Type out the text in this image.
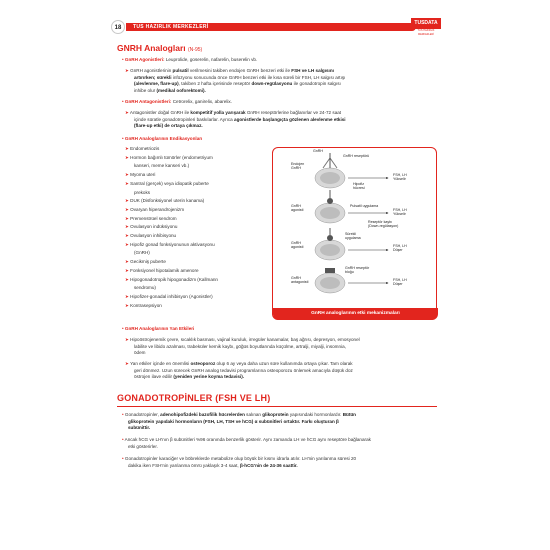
18	TUS HAZIRLIK MERKEZLERİ
TUSDATA
TUS HAZIRLIK MERKEZLERİ
GNRH Analogları (N-95)
• GnRH Agonistleri: Leuprolide, goserelin, nafarelin, buserelin vb.
➤ GnRH agonistlerinin pulsatil verilmesini takiben endojen GnRH benzeri etki ile FSH ve LH salgısını
artırırken; sürekli infüzyonu sonucunda önce GnRH benzeri etki ile kısa süreli bir FSH, LH salgısı artışı
(alevlenme, flare-up), takiben 2 hafta içerisinde reseptör down-regülasyonu ile gonadotropin salgısı
inhibe olur (medikal ooforektomi).
• GnRH Antagonistleri: Cetrorelix, ganirelix, abarelix.
➤ Antagonistler doğal GnRH ile kompetitif yolla yarışarak GnRH reseptörlerine bağlanırlar ve 24-72 saat
içinde süratle gonadotropinleri baskılarlar. Ayrıca agonistlerde başlangıçta gözlenen alevlenme etkisi
(flare-up etki) de ortaya çıkmaz.
• GnRH Analoglarının Endikasyonları
➤ Endometriozis
➤ Hormon bağımlı tümörler (endometriyum
kanseri, meme kanseri vb.)
➤ Myoma uteri
➤ Santral (gerçek) veya idiopatik puberte
prekoks
➤ DUK (Disfonksiyonel uterin kanama)
➤ Ovaryan hiperandrojenizm
➤ Premenstrüel sendrom
➤ Ovulasyon indüksiyonu
➤ Ovulasyon inhibisyonu
➤ Hipofiz gonad fonksiyonunun aktivasyonu
(GnRH)
➤ Gecikmiş puberte
➤ Fonksiyonel hipotalamik amenore
➤ Hipogonadotropik hipogonadizm (Kallmann
sendromu)
➤ Hipofizer-gonadal inhibisyon (Agonistler)
➤ Kontrasepsiyon
GnRH
Endojen
GnRH
GnRH reseptörü
Hipofiz
hücresi
FSH, LH
Yükselir
GnRH
agonisti
Pulsatil uygulama
FSH, LH
Yükselir
GnRH
agonisti
Sürekli
uygulama
Reseptör kaybı
(Down-regülasyon)
FSH, LH
Düşer
GnRH
antagonisti
GnRH reseptör
bloğu
FSH, LH
Düşer
GnRH analoglarının etki mekanizmaları
• GnRH Analoglarının Yan Etkileri
➤ Hipoöstrojenemik çevre, sıcaklık basması, vajinal kuruluk, irregüler kanamalar, baş ağrısı, depresyon, emosyonel
labilite ve libido azalması, trabeküler kemik kaybı, göğüs boyutlarında küçülme, artralji, miyalji, insomnia,
ödem
➤ Yan etkiler içinde en önemlisi osteoporoz olup 6 ay veya daha uzun süre kullanımda ortaya çıkar. Tam olarak
geri dönmez. Uzun sürecek GnRH analog tedavisi programlarına osteoporozu önlemek amacıyla düşük doz
östrojen ilave edilir (yeniden yerine koyma tedavisi).
GONADOTROPİNLER (FSH VE LH)
• Gonadotropinler, adenohipofizdeki bazofilik hücrelerden salınan glikoprotein yapısındaki hormonlardır. Bütün
glikoprotein yapıdaki hormonların (FSH, LH, TSH ve hCG) α subünitleri ortaktır. Farkı oluşturan β
subünittir.
• Ancak hCG ve LH'nın β subünitleri %96 oranında benzerlik gösterir. Aynı zamanda LH ve hCG aynı reseptöre bağlanarak
etki gösterirler.
• Gonadotropinler karaciğer ve böbreklerde metabolize olup böyük bir kısmı idrarla atılır. LH'nin yarılanma süresi 20
dakika iken FSH'nin yarılanma ömrü yaklaşık 3-4 saat, β-hCG'nin de 24-36 saattir.
